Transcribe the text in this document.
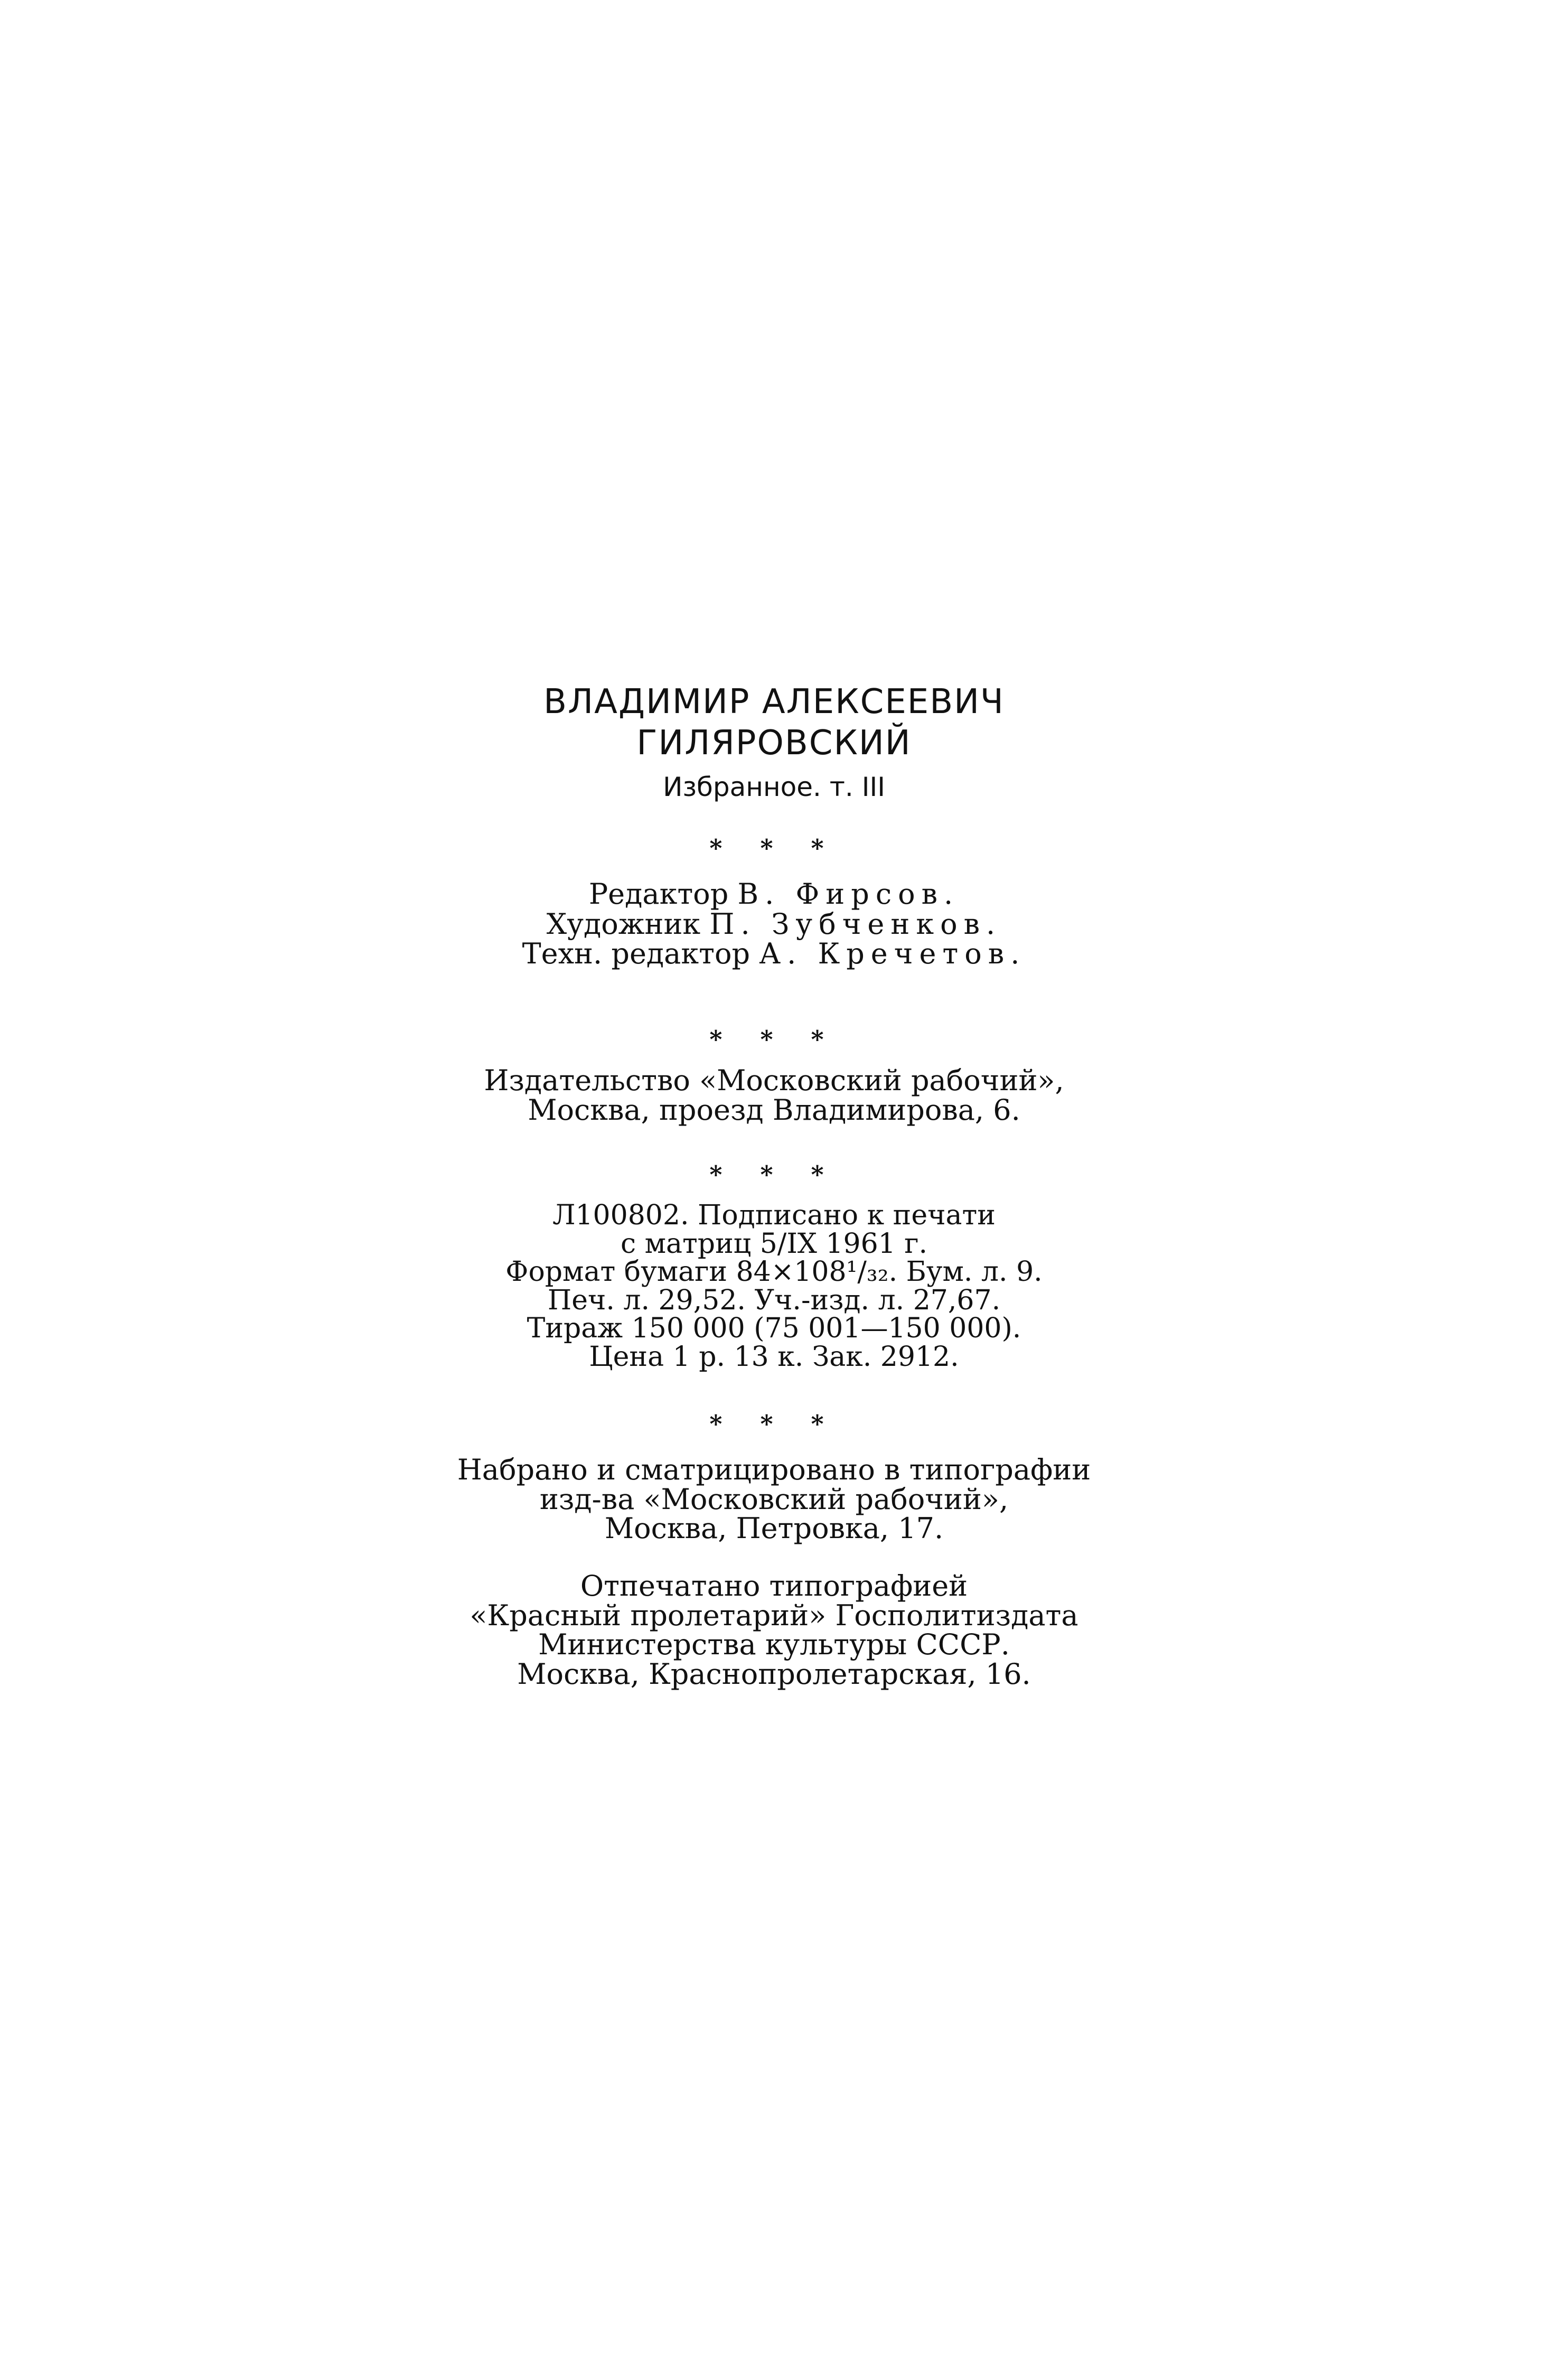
ВЛАДИМИР АЛЕКСЕЕВИЧ
ГИЛЯРОВСКИЙ
Избранное. т. III
* * *
Редактор В. Фирсов.
Художник П. Зубченков.
Техн. редактор А. Кречетов.
* * *
Издательство «Московский рабочий»,
Москва, проезд Владимирова, 6.
* * *
Л100802. Подписано к печати
с матриц 5/IX 1961 г.
Формат бумаги 84×108¹/₃₂. Бум. л. 9.
Печ. л. 29,52. Уч.-изд. л. 27,67.
Тираж 150 000 (75 001—150 000).
Цена 1 р. 13 к. Зак. 2912.
* * *
Набрано и сматрицировано в типографии
изд-ва «Московский рабочий»,
Москва, Петровка, 17.
Отпечатано типографией
«Красный пролетарий» Госполитиздата
Министерства культуры СССР.
Москва, Краснопролетарская, 16.
